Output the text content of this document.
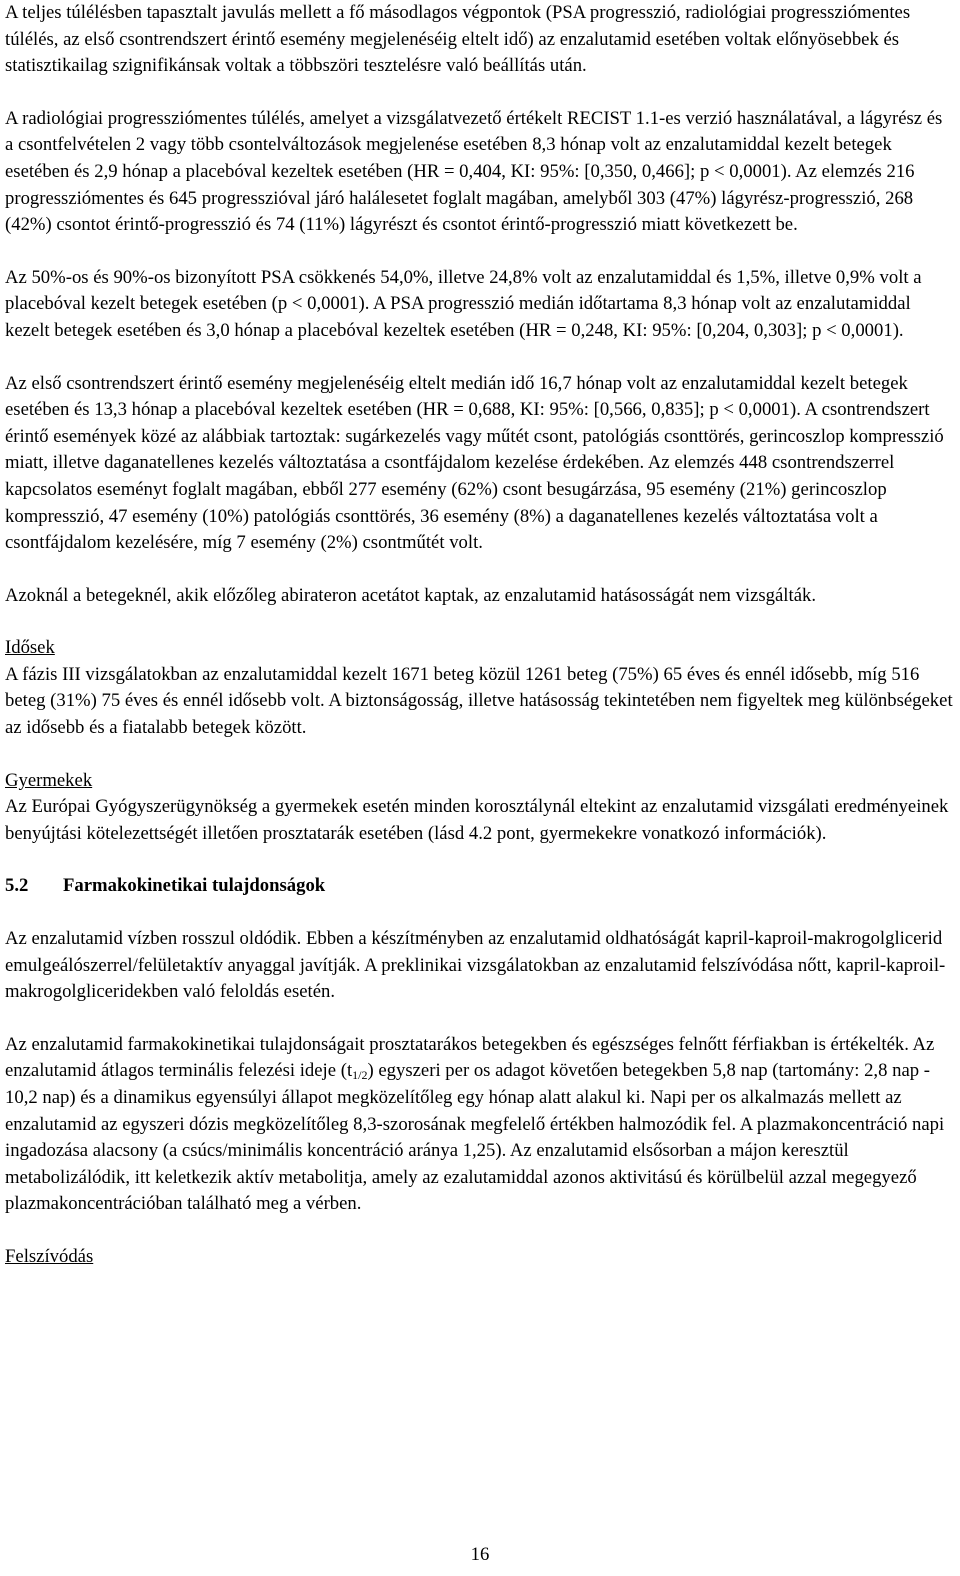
A teljes túlélésben tapasztalt javulás mellett a fő másodlagos végpontok (PSA progresszió, radiológiai progressziómentes túlélés, az első csontrendszert érintő esemény megjelenéséig eltelt idő) az enzalutamid esetében voltak előnyösebbek és statisztikailag szignifikánsak voltak a többszöri tesztelésre való beállítás után.

A radiológiai progressziómentes túlélés, amelyet a vizsgálatvezető értékelt RECIST 1.1-es verzió használatával, a lágyrész és a csontfelvételen 2 vagy több csontelváltozások megjelenése esetében 8,3 hónap volt az enzalutamiddal kezelt betegek esetében és 2,9 hónap a placebóval kezeltek esetében (HR = 0,404, KI: 95%: [0,350, 0,466]; p < 0,0001). Az elemzés 216 progressziómentes és 645 progresszióval járó halálesetet foglalt magában, amelyből 303 (47%) lágyrész-progresszió, 268 (42%) csontot érintő-progresszió és 74 (11%) lágyrészt és csontot érintő-progresszió miatt következett be.

Az 50%-os és 90%-os bizonyított PSA csökkenés 54,0%, illetve 24,8% volt az enzalutamiddal és 1,5%, illetve 0,9% volt a placebóval kezelt betegek esetében (p < 0,0001). A PSA progresszió medián időtartama 8,3 hónap volt az enzalutamiddal kezelt betegek esetében és 3,0 hónap a placebóval kezeltek esetében (HR = 0,248, KI: 95%: [0,204, 0,303]; p < 0,0001).

Az első csontrendszert érintő esemény megjelenéséig eltelt medián idő 16,7 hónap volt az enzalutamiddal kezelt betegek esetében és 13,3 hónap a placebóval kezeltek esetében (HR = 0,688, KI: 95%: [0,566, 0,835]; p < 0,0001). A csontrendszert érintő események közé az alábbiak tartoztak: sugárkezelés vagy műtét csont, patológiás csonttörés, gerincoszlop kompresszió miatt, illetve daganatellenes kezelés változtatása a csontfájdalom kezelése érdekében. Az elemzés 448 csontrendszerrel kapcsolatos eseményt foglalt magában, ebből 277 esemény (62%) csont besugárzása, 95 esemény (21%) gerincoszlop kompresszió, 47 esemény (10%) patológiás csonttörés, 36 esemény (8%) a daganatellenes kezelés változtatása volt a csontfájdalom kezelésére, míg 7 esemény (2%) csontműtét volt.

Azoknál a betegeknél, akik előzőleg abirateron acetátot kaptak, az enzalutamid hatásosságát nem vizsgálták.

Idősek

A fázis III vizsgálatokban az enzalutamiddal kezelt 1671 beteg közül 1261 beteg (75%) 65 éves és ennél idősebb, míg 516 beteg (31%) 75 éves és ennél idősebb volt. A biztonságosság, illetve hatásosság tekintetében nem figyeltek meg különbségeket az idősebb és a fiatalabb betegek között.

Gyermekek

Az Európai Gyógyszerügynökség a gyermekek esetén minden korosztálynál eltekint az enzalutamid vizsgálati eredményeinek benyújtási kötelezettségét illetően prosztatarák esetében (lásd 4.2 pont, gyermekekre vonatkozó információk).

5.2 Farmakokinetikai tulajdonságok

Az enzalutamid vízben rosszul oldódik. Ebben a készítményben az enzalutamid oldhatóságát kapril-kaproil-makrogolglicerid emulgeálószerrel/felületaktív anyaggal javítják. A preklinikai vizsgálatokban az enzalutamid felszívódása nőtt, kapril-kaproil-makrogolgliceridekben való feloldás esetén.

Az enzalutamid farmakokinetikai tulajdonságait prosztatarákos betegekben és egészséges felnőtt férfiakban is értékelték. Az enzalutamid átlagos terminális felezési ideje $(t_{1/2})$ egyszeri per os adagot követően betegekben 5,8 nap (tartomány: 2,8 nap - 10,2 nap) és a dinamikus egyensúlyi állapot megközelítőleg egy hónap alatt alakul ki. Napi per os alkalmazás mellett az enzalutamid az egyszeri dózis megközelítőleg 8,3-szorosának megfelelő értékben halmozódik fel. A plazmakoncentráció napi ingadozása alacsony (a csúcs/minimális koncentráció aránya 1,25). Az enzalutamid elsősorban a májon keresztül metabolizálódik, itt keletkezik aktív metabolitja, amely az ezalutamiddal azonos aktivitású és körülbelül azzal megegyező plazmakoncentrációban található meg a vérben.

Felszívódás
16
